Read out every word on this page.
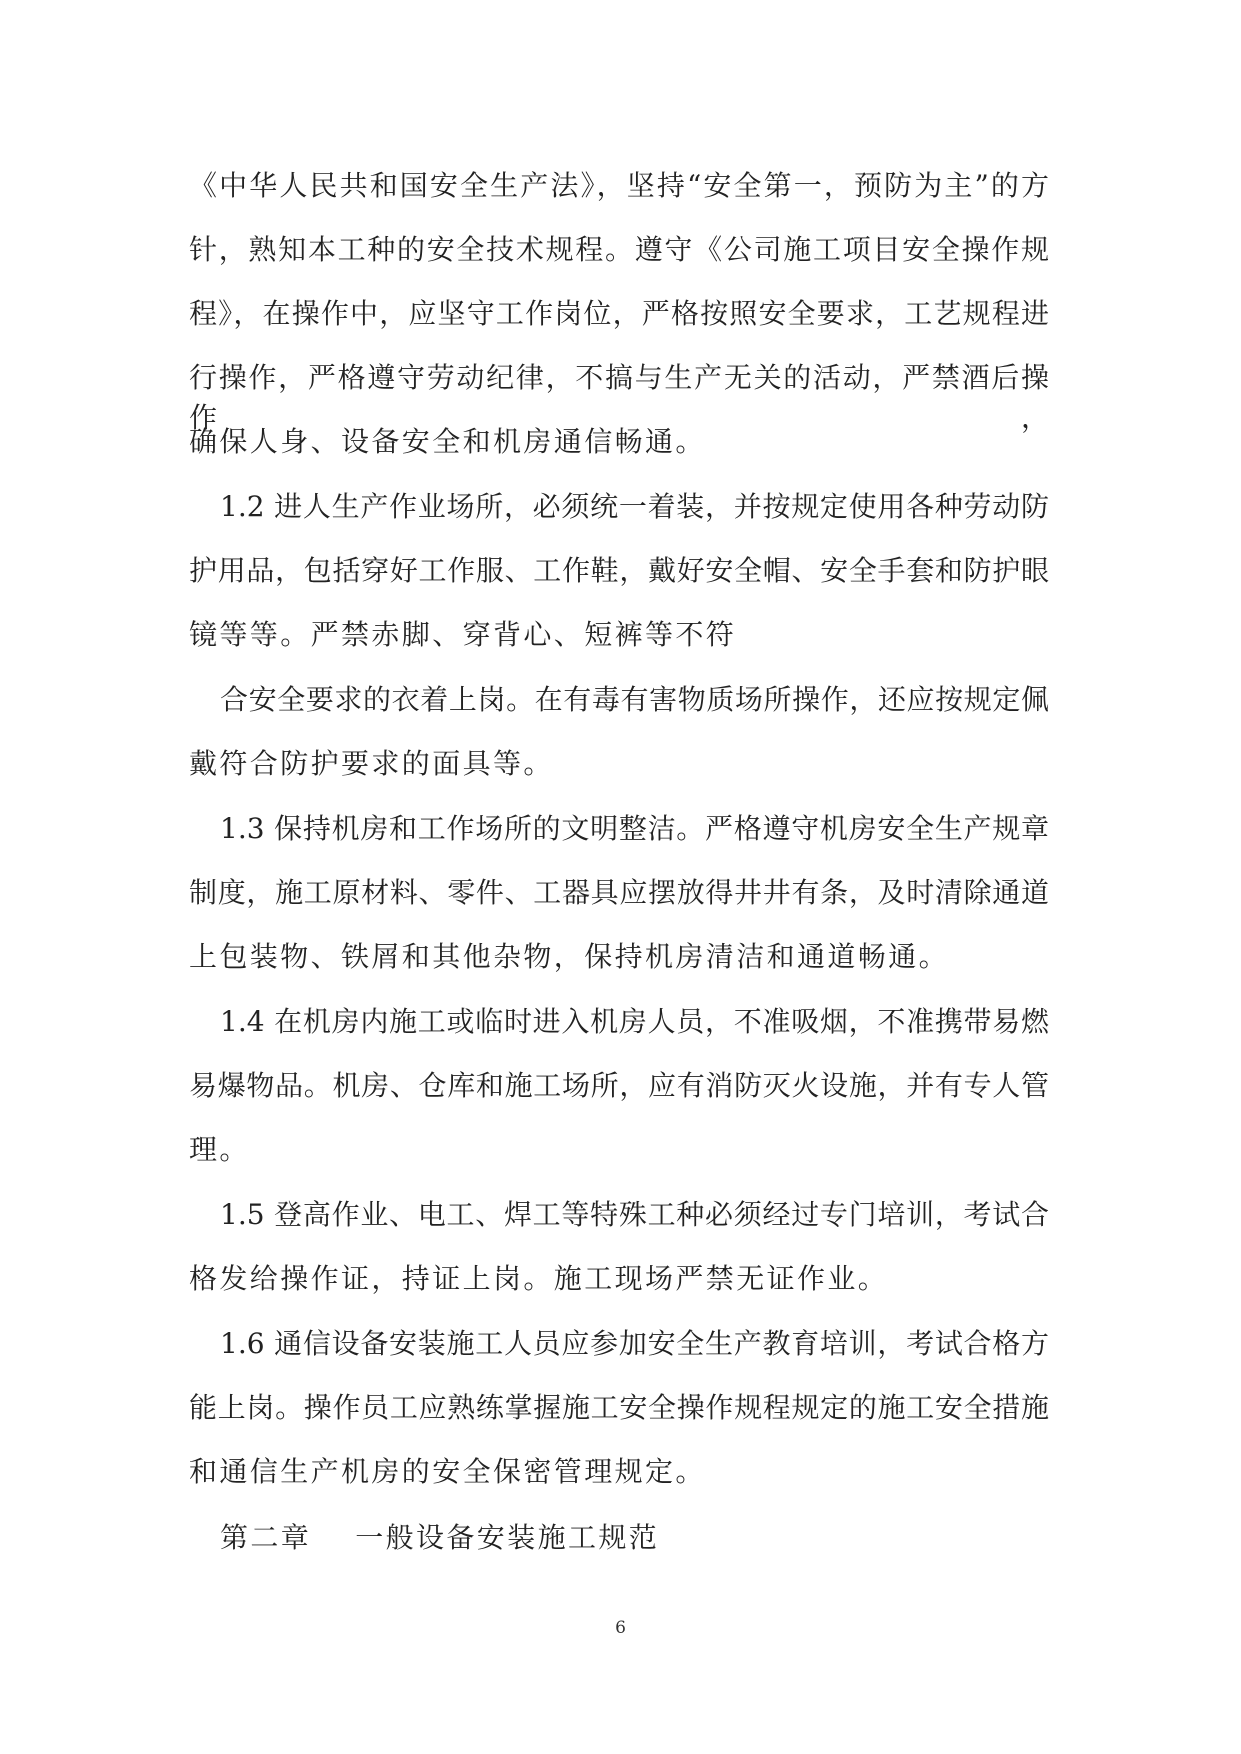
《中华人民共和国安全生产法》，坚持“安全第一，预防为主”的方
针，熟知本工种的安全技术规程。遵守《公司施工项目安全操作规
程》，在操作中，应坚守工作岗位，严格按照安全要求，工艺规程进
行操作，严格遵守劳动纪律，不搞与生产无关的活动，严禁酒后操作，
确保人身、设备安全和机房通信畅通。
1.2 进人生产作业场所，必须统一着装，并按规定使用各种劳动防
护用品，包括穿好工作服、工作鞋，戴好安全帽、安全手套和防护眼
镜等等。严禁赤脚、穿背心、短裤等不符
合安全要求的衣着上岗。在有毒有害物质场所操作，还应按规定佩
戴符合防护要求的面具等。
1.3 保持机房和工作场所的文明整洁。严格遵守机房安全生产规章
制度，施工原材料、零件、工器具应摆放得井井有条，及时清除通道
上包装物、铁屑和其他杂物，保持机房清洁和通道畅通。
1.4 在机房内施工或临时进入机房人员，不准吸烟，不准携带易燃
易爆物品。机房、仓库和施工场所，应有消防灭火设施，并有专人管
理。
1.5 登高作业、电工、焊工等特殊工种必须经过专门培训，考试合
格发给操作证，持证上岗。施工现场严禁无证作业。
1.6 通信设备安装施工人员应参加安全生产教育培训，考试合格方
能上岗。操作员工应熟练掌握施工安全操作规程规定的施工安全措施
和通信生产机房的安全保密管理规定。
第二章 一般设备安装施工规范
6
